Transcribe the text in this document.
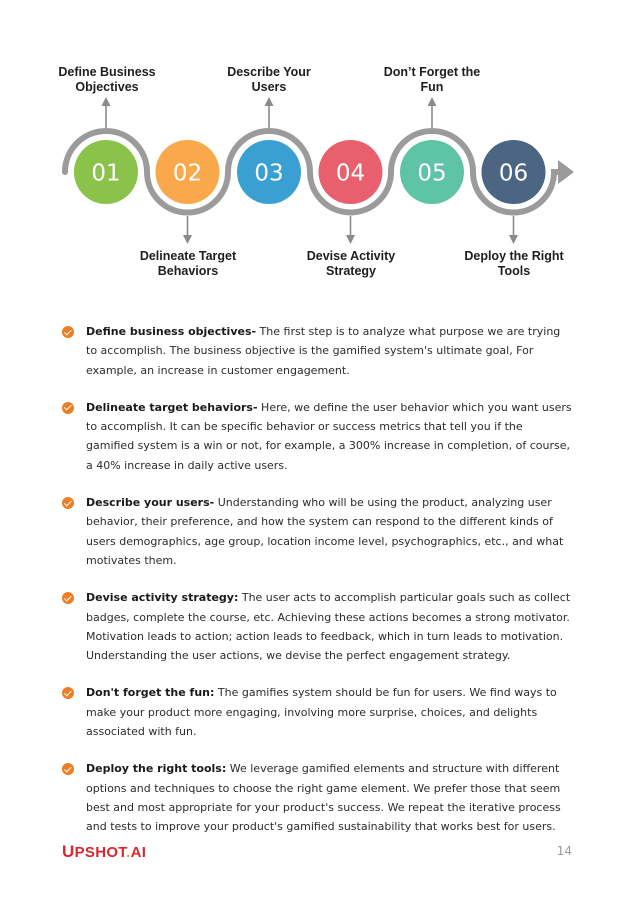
01 02 03 04 05 06
Define Business Objectives
Delineate Target Behaviors
Describe Your Users
Devise Activity Strategy
Don’t Forget the Fun
Deploy the Right Tools

Define business objectives- The first step is to analyze what purpose we are trying to accomplish. The business objective is the gamified system's ultimate goal, For example, an increase in customer engagement.

Delineate target behaviors- Here, we define the user behavior which you want users to accomplish. It can be specific behavior or success metrics that tell you if the gamified system is a win or not, for example, a 300% increase in completion, of course, a 40% increase in daily active users.

Describe your users- Understanding who will be using the product, analyzing user behavior, their preference, and how the system can respond to the different kinds of users demographics, age group, location income level, psychographics, etc., and what motivates them.

Devise activity strategy: The user acts to accomplish particular goals such as collect badges, complete the course, etc. Achieving these actions becomes a strong motivator. Motivation leads to action; action leads to feedback, which in turn leads to motivation. Understanding the user actions, we devise the perfect engagement strategy.

Don't forget the fun: The gamifies system should be fun for users. We find ways to make your product more engaging, involving more surprise, choices, and delights associated with fun.

Deploy the right tools: We leverage gamified elements and structure with different options and techniques to choose the right game element. We prefer those that seem best and most appropriate for your product's success. We repeat the iterative process and tests to improve your product's gamified sustainability that works best for users.

UPSHOT.AI	14
